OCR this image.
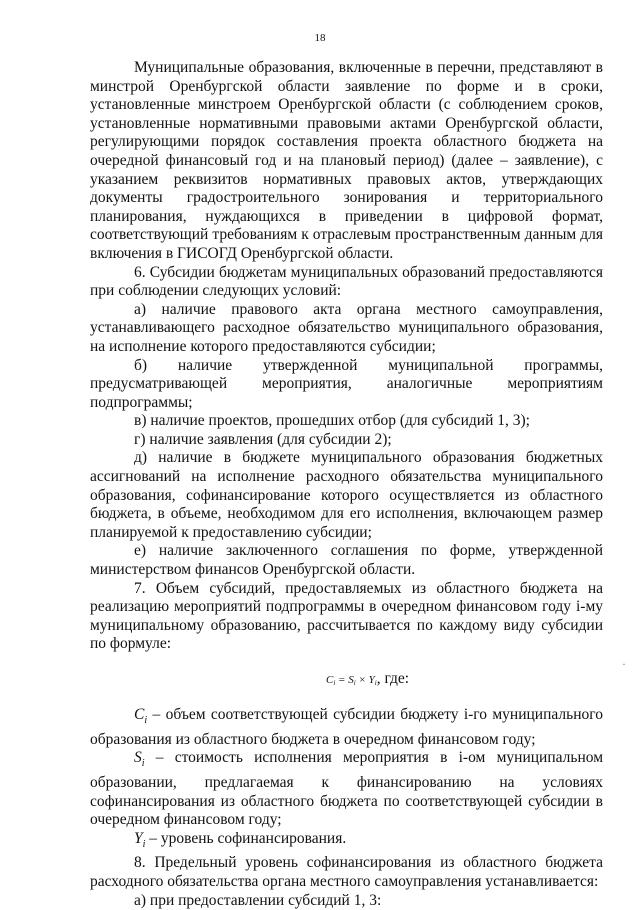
18

Муниципальные образования, включенные в перечни, представляют в минстрой Оренбургской области заявление по форме и в сроки, установленные минстроем Оренбургской области (с соблюдением сроков, установленные нормативными правовыми актами Оренбургской области, регулирующими порядок составления проекта областного бюджета на очередной финансовый год и на плановый период) (далее – заявление), с указанием реквизитов нормативных правовых актов, утверждающих документы градостроительного зонирования и территориального планирования, нуждающихся в приведении в цифровой формат, соответствующий требованиям к отраслевым пространственным данным для включения в ГИСОГД Оренбургской области.

6. Субсидии бюджетам муниципальных образований предоставляются при соблюдении следующих условий:

а) наличие правового акта органа местного самоуправления, устанавливающего расходное обязательство муниципального образования, на исполнение которого предоставляются субсидии;

б) наличие утвержденной муниципальной программы, предусматривающей мероприятия, аналогичные мероприятиям подпрограммы;

в) наличие проектов, прошедших отбор (для субсидий 1, 3);

г) наличие заявления (для субсидии 2);

д) наличие в бюджете муниципального образования бюджетных ассигнований на исполнение расходного обязательства муниципального образования, софинансирование которого осуществляется из областного бюджета, в объеме, необходимом для его исполнения, включающем размер планируемой к предоставлению субсидии;

е) наличие заключенного соглашения по форме, утвержденной министерством финансов Оренбургской области.

7. Объем субсидий, предоставляемых из областного бюджета на реализацию мероприятий подпрограммы в очередном финансовом году i-му муниципальному образованию, рассчитывается по каждому виду субсидии по формуле:

$C_i = S_i \times Y_i$, где:

$C_i$ – объем соответствующей субсидии бюджету i-го муниципального образования из областного бюджета в очередном финансовом году;

$S_i$ – стоимость исполнения мероприятия в i-ом муниципальном образовании, предлагаемая к финансированию на условиях софинансирования из областного бюджета по соответствующей субсидии в очередном финансовом году;

$Y_i$ – уровень софинансирования.

8. Предельный уровень софинансирования из областного бюджета расходного обязательства органа местного самоуправления устанавливается:

а) при предоставлении субсидий 1, 3:

·
